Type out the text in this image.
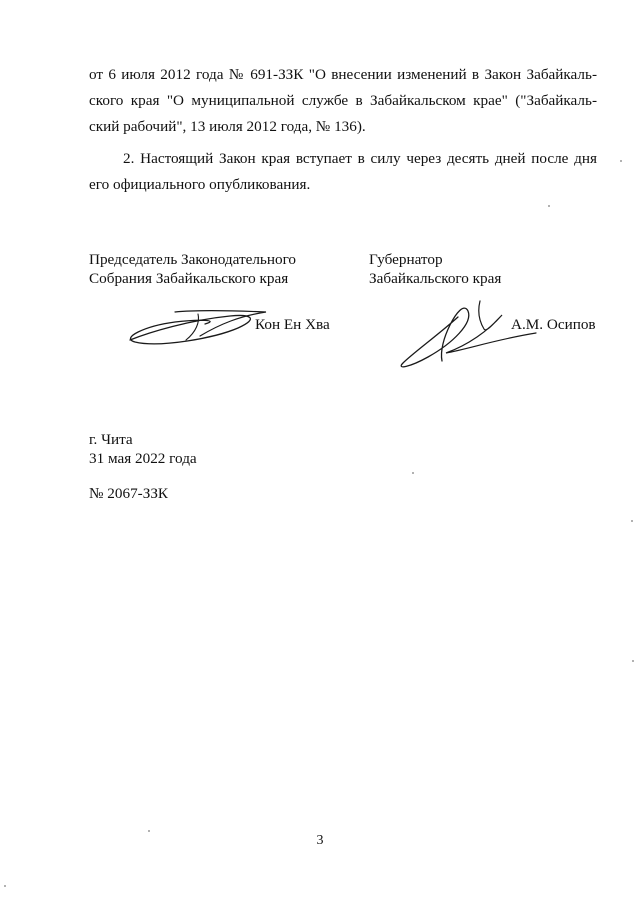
от 6 июля 2012 года № 691-ЗЗК "О внесении изменений в Закон Забайкаль-
ского края "О муниципальной службе в Забайкальском крае" ("Забайкаль-
ский рабочий", 13 июля 2012 года, № 136).
2. Настоящий Закон края вступает в силу через десять дней после дня
его официального опубликования.
Председатель Законодательного
Собрания Забайкальского края
Губернатор
Забайкальского края
Кон Ен Хва	А.М. Осипов
г. Чита
31 мая 2022 года
№ 2067-ЗЗК
3
